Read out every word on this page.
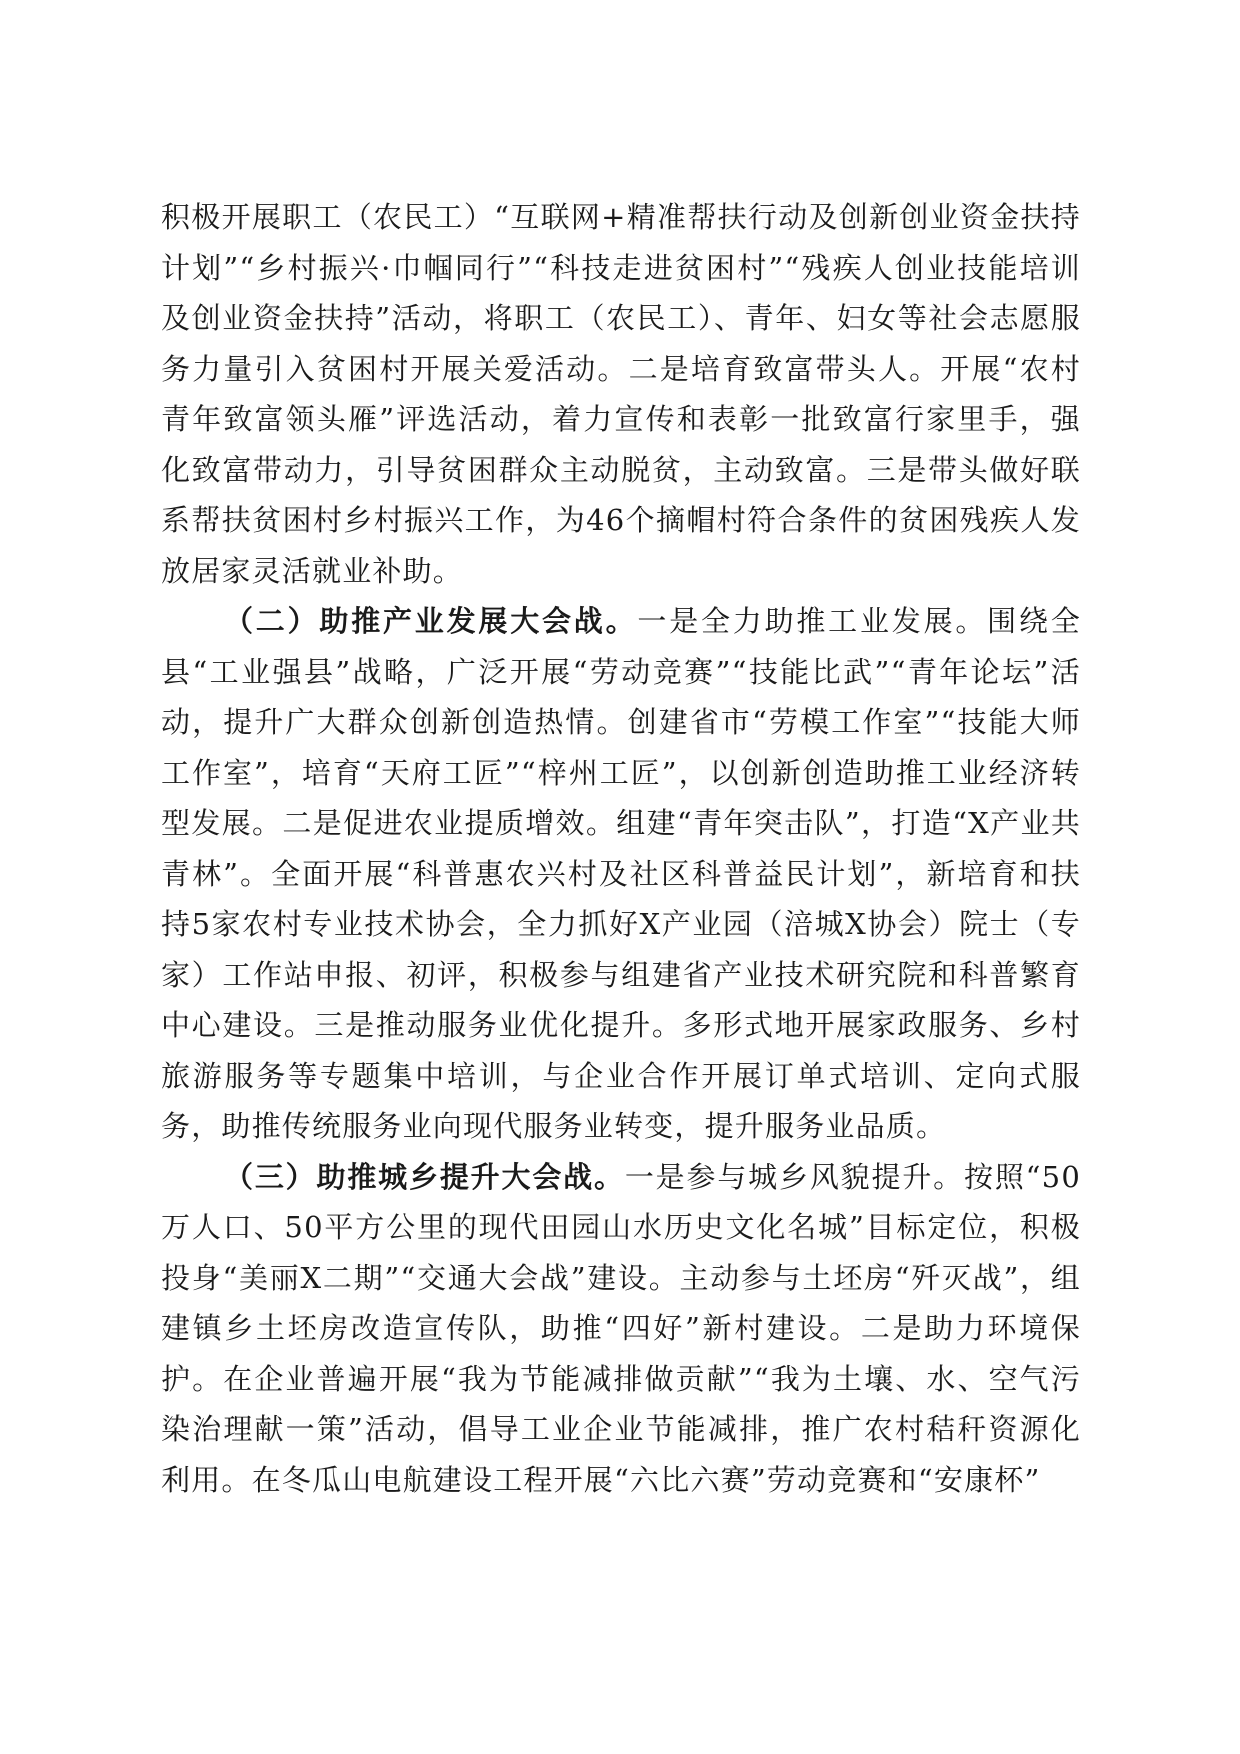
积极开展职工（农民工）“互联网+精准帮扶行动及创新创业资金扶持计划”“乡村振兴·巾帼同行”“科技走进贫困村”“残疾人创业技能培训及创业资金扶持”活动，将职工（农民工）、青年、妇女等社会志愿服务力量引入贫困村开展关爱活动。二是培育致富带头人。开展“农村青年致富领头雁”评选活动，着力宣传和表彰一批致富行家里手，强化致富带动力，引导贫困群众主动脱贫，主动致富。三是带头做好联系帮扶贫困村乡村振兴工作，为46个摘帽村符合条件的贫困残疾人发放居家灵活就业补助。

（二）助推产业发展大会战。一是全力助推工业发展。围绕全县“工业强县”战略，广泛开展“劳动竞赛”“技能比武”“青年论坛”活动，提升广大群众创新创造热情。创建省市“劳模工作室”“技能大师工作室”，培育“天府工匠”“梓州工匠”，以创新创造助推工业经济转型发展。二是促进农业提质增效。组建“青年突击队”，打造“X产业共青林”。全面开展“科普惠农兴村及社区科普益民计划”，新培育和扶持5家农村专业技术协会，全力抓好X产业园（涪城X协会）院士（专家）工作站申报、初评，积极参与组建省产业技术研究院和科普繁育中心建设。三是推动服务业优化提升。多形式地开展家政服务、乡村旅游服务等专题集中培训，与企业合作开展订单式培训、定向式服务，助推传统服务业向现代服务业转变，提升服务业品质。

（三）助推城乡提升大会战。一是参与城乡风貌提升。按照“50万人口、50平方公里的现代田园山水历史文化名城”目标定位，积极投身“美丽X二期”“交通大会战”建设。主动参与土坯房“歼灭战”，组建镇乡土坯房改造宣传队，助推“四好”新村建设。二是助力环境保护。在企业普遍开展“我为节能减排做贡献”“我为土壤、水、空气污染治理献一策”活动，倡导工业企业节能减排，推广农村秸秆资源化利用。在冬瓜山电航建设工程开展“六比六赛”劳动竞赛和“安康杯”
